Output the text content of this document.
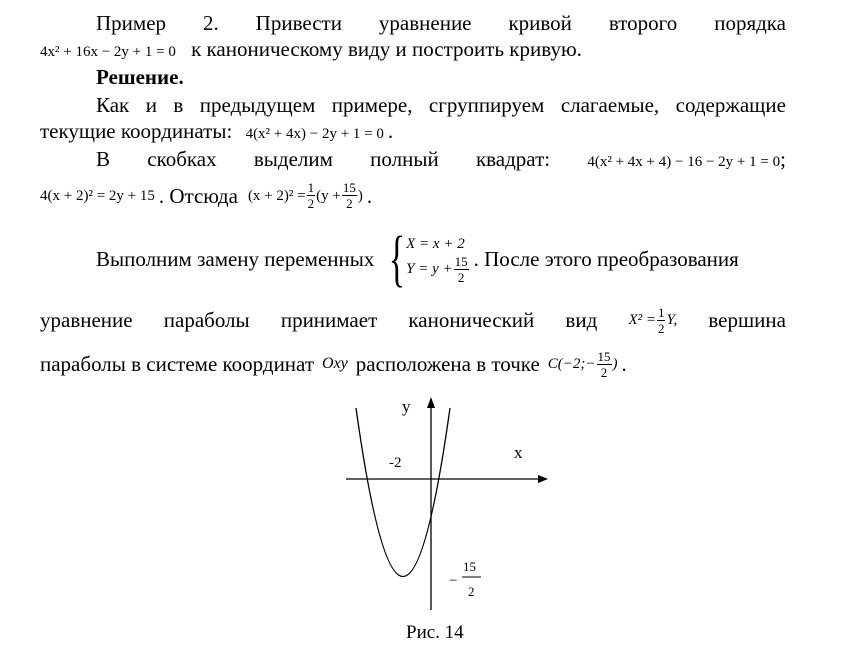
Пример 2. Привести уравнение кривой второго порядка
4x² + 16x − 2y + 1 = 0 к каноническому виду и построить кривую.
Решение.
Как и в предыдущем примере, сгруппируем слагаемые, содержащие
текущие координаты: 4(x² + 4x) − 2y + 1 = 0 .
В скобках выделим полный квадрат: 4(x² + 4x + 4) − 16 − 2y + 1 = 0;
4(x + 2)² = 2y + 15 . Отсюда $(x + 2)^2 = \frac{1}{2} (y + \frac{15}{2}$ ) .
Выполним замену переменных { X = x + 2
$Y = y + \frac{15}{2}$ . После этого преобразования
уравнение параболы принимает канонический вид $X^2 = \frac{1}{2} Y$, вершина
параболы в системе координат Oxy расположена в точке C(−2;− $\frac{15}{2}$ ) .
y
x
-2
−
15
2
Рис. 14
